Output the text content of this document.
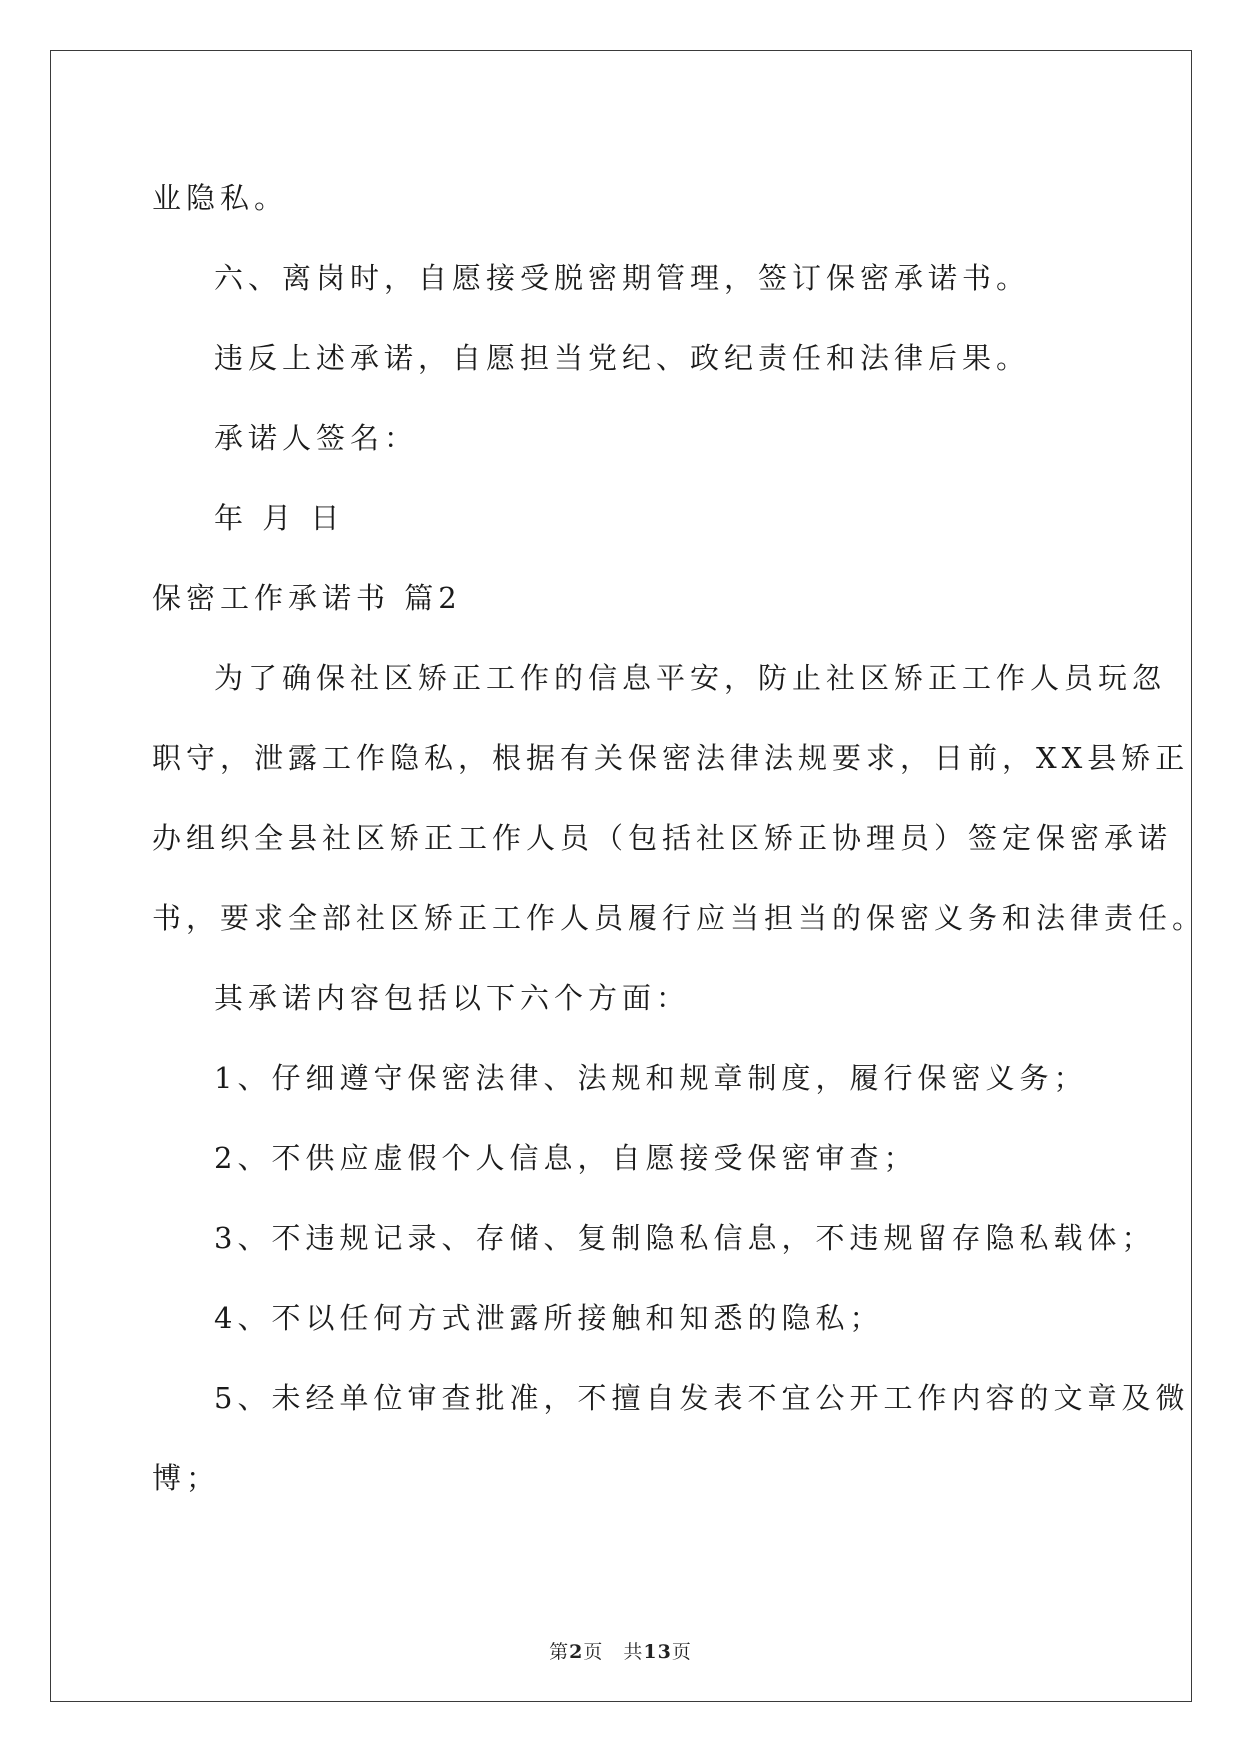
业隐私。

六、离岗时，自愿接受脱密期管理，签订保密承诺书。

违反上述承诺，自愿担当党纪、政纪责任和法律后果。

承诺人签名：

年 月 日

保密工作承诺书 篇2

为了确保社区矫正工作的信息平安，防止社区矫正工作人员玩忽

职守，泄露工作隐私，根据有关保密法律法规要求，日前，XX县矫正

办组织全县社区矫正工作人员（包括社区矫正协理员）签定保密承诺

书，要求全部社区矫正工作人员履行应当担当的保密义务和法律责任。

其承诺内容包括以下六个方面：

1、仔细遵守保密法律、法规和规章制度，履行保密义务；

2、不供应虚假个人信息，自愿接受保密审查；

3、不违规记录、存储、复制隐私信息，不违规留存隐私载体；

4、不以任何方式泄露所接触和知悉的隐私；

5、未经单位审查批准，不擅自发表不宜公开工作内容的文章及微

博；

第2页　共13页
